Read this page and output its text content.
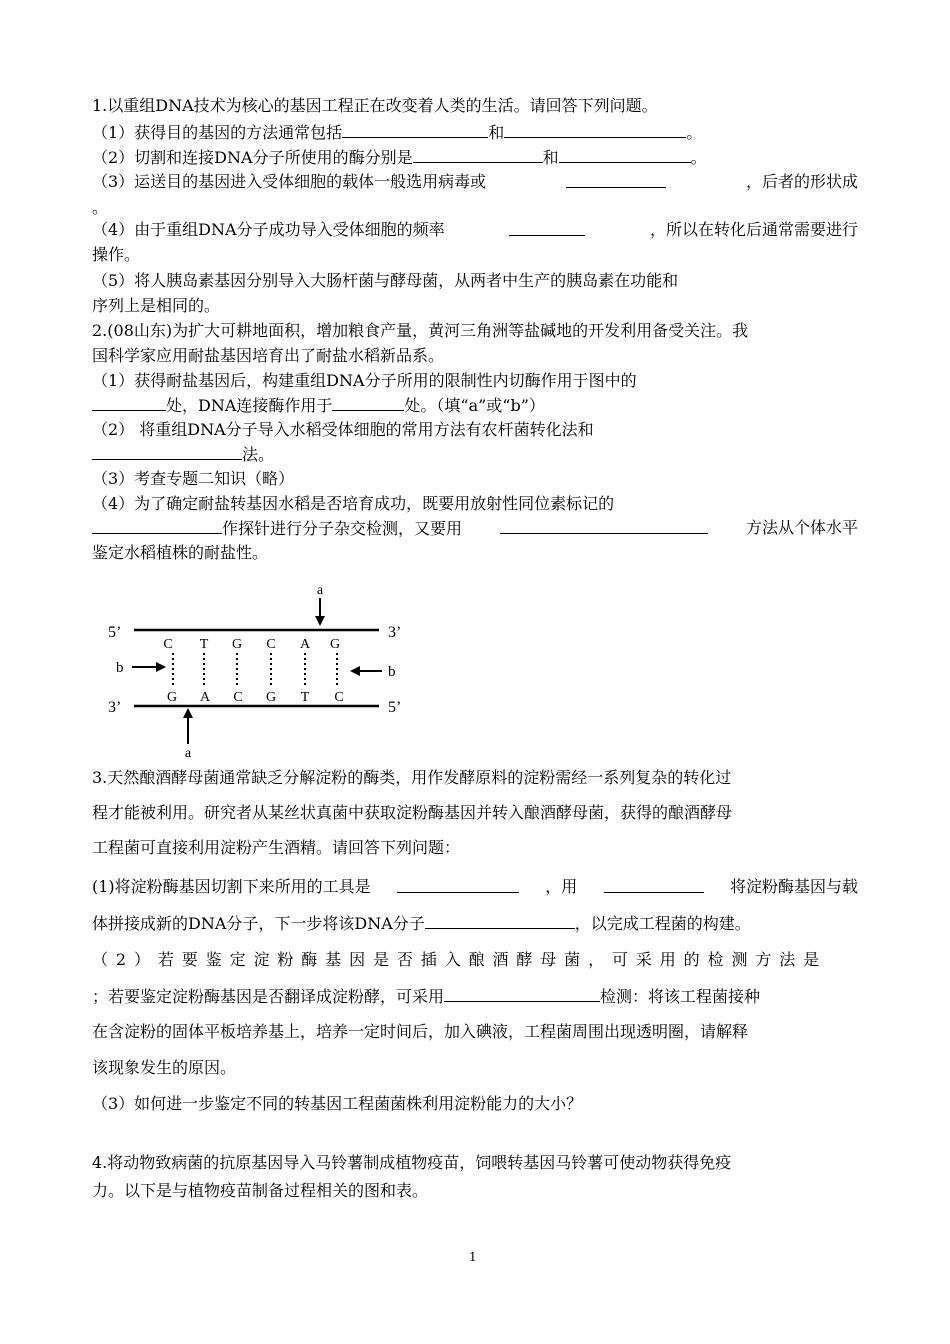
1.以重组DNA技术为核心的基因工程正在改变着人类的生活。请回答下列问题。
（1）获得目的基因的方法通常包括	和	。
（2）切割和连接DNA分子所使用的酶分别是	和	。
（3）运送目的基因进入受体细胞的载体一般选用病毒或	，后者的形状成
。
（4）由于重组DNA分子成功导入受体细胞的频率	，所以在转化后通常需要进行
操作。
（5）将人胰岛素基因分别导入大肠杆菌与酵母菌，从两者中生产的胰岛素在功能和
序列上是相同的。
2.(08山东)为扩大可耕地面积，增加粮食产量，黄河三角洲等盐碱地的开发利用备受关注。我
国科学家应用耐盐基因培育出了耐盐水稻新品系。
（1）获得耐盐基因后，构建重组DNA分子所用的限制性内切酶作用于图中的
处，DNA连接酶作用于	处。（填“a”或“b”）
（2） 将重组DNA分子导入水稻受体细胞的常用方法有农杆菌转化法和
法。
（3）考查专题二知识（略）
（4）为了确定耐盐转基因水稻是否培育成功，既要用放射性同位素标记的
作探针进行分子杂交检测，又要用	方法从个体水平
鉴定水稻植株的耐盐性。
5’	3’
3’	5’
C T G C A G
G A C G T C
a
a
b	b
3.天然酿酒酵母菌通常缺乏分解淀粉的酶类，用作发酵原料的淀粉需经一系列复杂的转化过
程才能被利用。研究者从某丝状真菌中获取淀粉酶基因并转入酿酒酵母菌，获得的酿酒酵母
工程菌可直接利用淀粉产生酒精。请回答下列问题：
(1)将淀粉酶基因切割下来所用的工具是	，用	将淀粉酶基因与载
体拼接成新的DNA分子，下一步将该DNA分子	，以完成工程菌的构建。
（2）若要鉴定淀粉酶基因是否插入酿酒酵母菌，可采用的检测方法是
；若要鉴定淀粉酶基因是否翻译成淀粉酵，可采用	检测：将该工程菌接种
在含淀粉的固体平板培养基上，培养一定时间后，加入碘液，工程菌周围出现透明圈，请解释
该现象发生的原因。
（3）如何进一步鉴定不同的转基因工程菌菌株利用淀粉能力的大小？
4.将动物致病菌的抗原基因导入马铃薯制成植物疫苗，饲喂转基因马铃薯可使动物获得免疫
力。以下是与植物疫苗制备过程相关的图和表。
1
